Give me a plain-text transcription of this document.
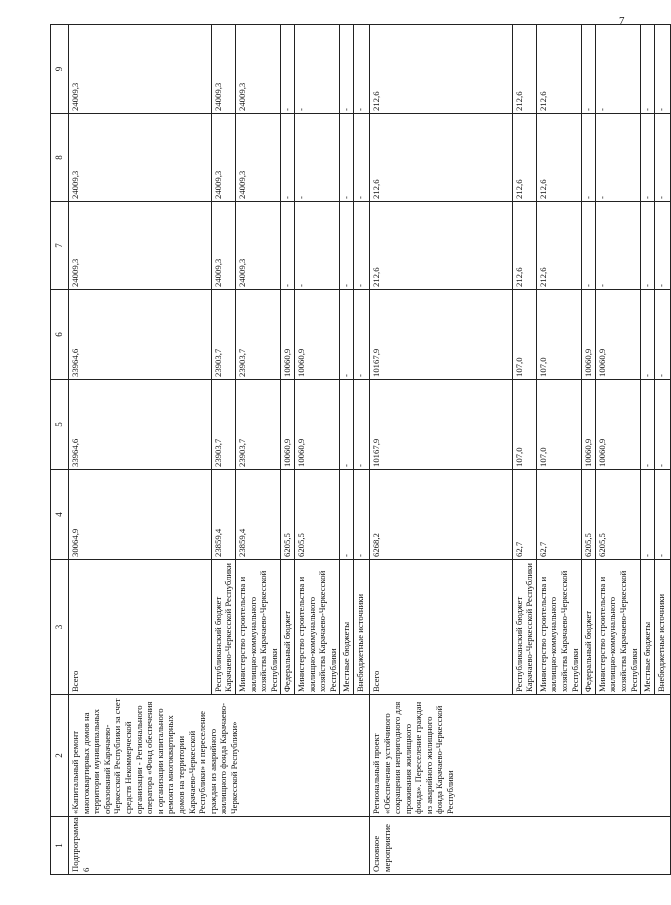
7
1	2	3	4	5	6	7	8	9
Подпрограмма 6	«Капитальный ремонт многоквартирных домов на территории муниципальных образований Карачаево-Черкесской Республики за счет средств Некоммерческой организации - Регионального оператора «Фонд обеспечения и организации капитального ремонта многоквартирных домов на территории Карачаево-Черкесской Республики» и переселение граждан из аварийного жилищного фонда Карачаево-Черкесской Республики»	Всего	30064,9	33964,6	33964,6	24009,3	24009,3	24009,3
		Республиканский бюджет Карачаево-Черкесской Республики	23859,4	23903,7	23903,7	24009,3	24009,3	24009,3
		Министерство строительства и жилищно-коммунального хозяйства Карачаево-Черкесской Республики	23859,4	23903,7	23903,7	24009,3	24009,3	24009,3
		Федеральный бюджет	6205,5	10060,9	10060,9	-	-	-
		Министерство строительства и жилищно-коммунального хозяйства Карачаево-Черкесской Республики	6205,5	10060,9	10060,9	-	-	-
		Местные бюджеты	-	-	-	-	-	-
		Внебюджетные источники	-	-	-	-	-	-
Основное мероприятие	Региональный проект «Обеспечение устойчивого сокращения непригодного для проживания жилищного фонда». Переселение граждан из аварийного жилищного фонда Карачаево-Черкесской Республики	Всего	6268,2	10167,9	10167,9	212,6	212,6	212,6
		Республиканский бюджет Карачаево-Черкесской Республики	62,7	107,0	107,0	212,6	212,6	212,6
		Министерство строительства и жилищно-коммунального хозяйства Карачаево-Черкесской Республики	62,7	107,0	107,0	212,6	212,6	212,6
		Федеральный бюджет	6205,5	10060,9	10060,9	-	-	-
		Министерство строительства и жилищно-коммунального хозяйства Карачаево-Черкесской Республики	6205,5	10060,9	10060,9	-	-	-
		Местные бюджеты	-	-	-	-	-	-
		Внебюджетные источники	-	-	-	-	-	-
